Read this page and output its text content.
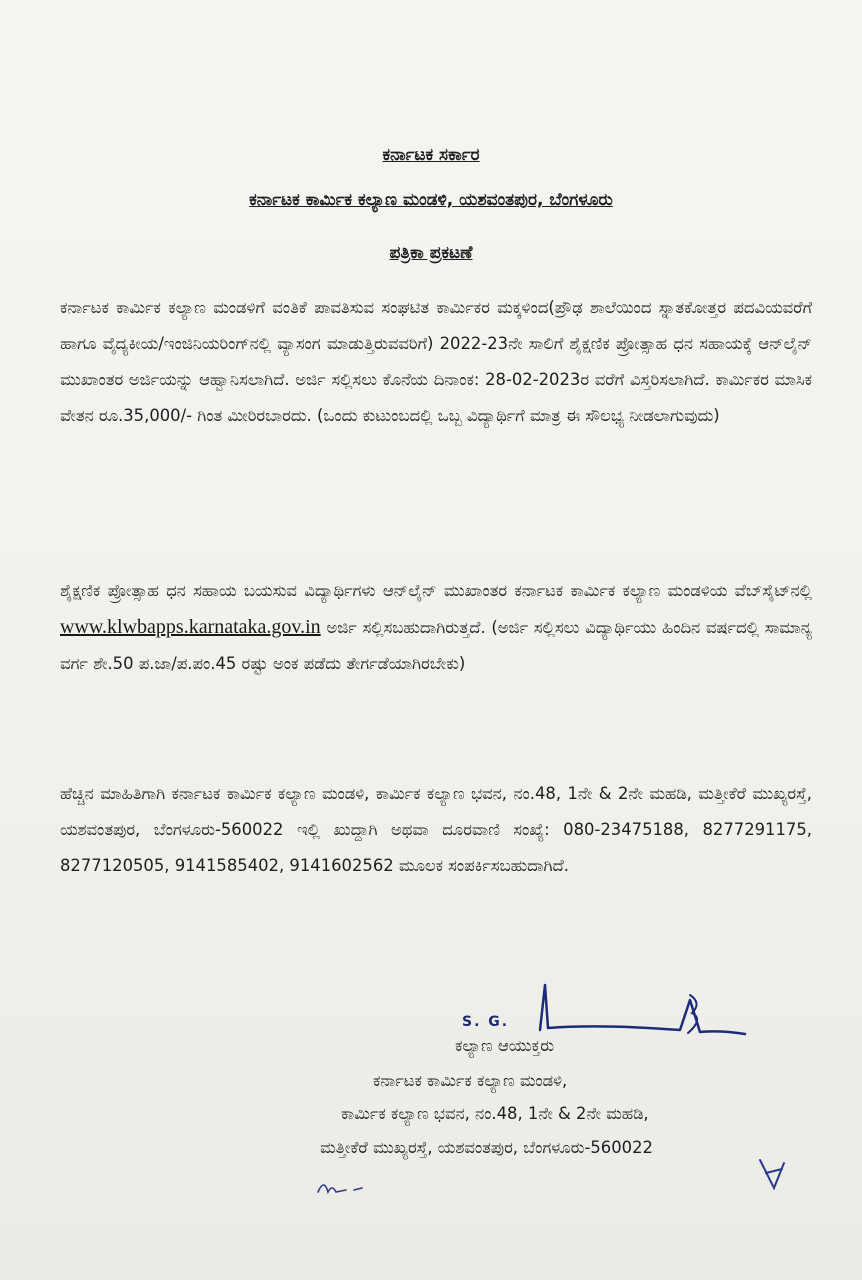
ಕರ್ನಾಟಕ ಸರ್ಕಾರ
ಕರ್ನಾಟಕ ಕಾರ್ಮಿಕ ಕಲ್ಯಾಣ ಮಂಡಳಿ, ಯಶವಂತಪುರ, ಬೆಂಗಳೂರು
ಪತ್ರಿಕಾ ಪ್ರಕಟಣೆ
ಕರ್ನಾಟಕ ಕಾರ್ಮಿಕ ಕಲ್ಯಾಣ ಮಂಡಳಿಗೆ ವಂತಿಕೆ ಪಾವತಿಸುವ ಸಂಘಟಿತ ಕಾರ್ಮಿಕರ ಮಕ್ಕಳಿಂದ(ಪ್ರೌಢ ಶಾಲೆಯಿಂದ ಸ್ನಾತಕೋತ್ತರ ಪದವಿಯವರೆಗೆ ಹಾಗೂ ವೈದ್ಯಕೀಯ/ಇಂಜಿನಿಯರಿಂಗ್‌ನಲ್ಲಿ ವ್ಯಾಸಂಗ ಮಾಡುತ್ತಿರುವವರಿಗೆ) 2022-23ನೇ ಸಾಲಿಗೆ ಶೈಕ್ಷಣಿಕ ಪ್ರೋತ್ಸಾಹ ಧನ ಸಹಾಯಕ್ಕೆ ಆನ್‌ಲೈನ್ ಮುಖಾಂತರ ಅರ್ಜಿಯನ್ನು ಆಹ್ವಾನಿಸಲಾಗಿದೆ. ಅರ್ಜಿ ಸಲ್ಲಿಸಲು ಕೊನೆಯ ದಿನಾಂಕ: 28-02-2023ರ ವರೆಗೆ ವಿಸ್ತರಿಸಲಾಗಿದೆ. ಕಾರ್ಮಿಕರ ಮಾಸಿಕ ವೇತನ ರೂ.35,000/- ಗಿಂತ ಮೀರಿರಬಾರದು. (ಒಂದು ಕುಟುಂಬದಲ್ಲಿ ಒಬ್ಬ ವಿದ್ಯಾರ್ಥಿಗೆ ಮಾತ್ರ ಈ ಸೌಲಭ್ಯ ನೀಡಲಾಗುವುದು)
ಶೈಕ್ಷಣಿಕ ಪ್ರೋತ್ಸಾಹ ಧನ ಸಹಾಯ ಬಯಸುವ ವಿದ್ಯಾರ್ಥಿಗಳು ಆನ್‌ಲೈನ್ ಮುಖಾಂತರ ಕರ್ನಾಟಕ ಕಾರ್ಮಿಕ ಕಲ್ಯಾಣ ಮಂಡಳಿಯ ವೆಬ್‌ಸೈಟ್‌ನಲ್ಲಿ www.klwbapps.karnataka.gov.in ಅರ್ಜಿ ಸಲ್ಲಿಸಬಹುದಾಗಿರುತ್ತದೆ. (ಅರ್ಜಿ ಸಲ್ಲಿಸಲು ವಿದ್ಯಾರ್ಥಿಯು ಹಿಂದಿನ ವರ್ಷದಲ್ಲಿ ಸಾಮಾನ್ಯ ವರ್ಗ ಶೇ.50 ಪ.ಜಾ/ಪ.ಪಂ.45 ರಷ್ಟು ಅಂಕ ಪಡೆದು ತೇರ್ಗಡೆಯಾಗಿರಬೇಕು)
ಹೆಚ್ಚಿನ ಮಾಹಿತಿಗಾಗಿ ಕರ್ನಾಟಕ ಕಾರ್ಮಿಕ ಕಲ್ಯಾಣ ಮಂಡಳಿ, ಕಾರ್ಮಿಕ ಕಲ್ಯಾಣ ಭವನ, ನಂ.48, 1ನೇ & 2ನೇ ಮಹಡಿ, ಮತ್ತೀಕೆರೆ ಮುಖ್ಯರಸ್ತೆ, ಯಶವಂತಪುರ, ಬೆಂಗಳೂರು-560022 ಇಲ್ಲಿ ಖುದ್ದಾಗಿ ಅಥವಾ ದೂರವಾಣಿ ಸಂಖ್ಯೆ: 080-23475188, 8277291175, 8277120505, 9141585402, 9141602562 ಮೂಲಕ ಸಂಪರ್ಕಿಸಬಹುದಾಗಿದೆ.
S. G.
ಕಲ್ಯಾಣ ಆಯುಕ್ತರು
ಕರ್ನಾಟಕ ಕಾರ್ಮಿಕ ಕಲ್ಯಾಣ ಮಂಡಳಿ,
ಕಾರ್ಮಿಕ ಕಲ್ಯಾಣ ಭವನ, ನಂ.48, 1ನೇ & 2ನೇ ಮಹಡಿ,
ಮತ್ತೀಕೆರೆ ಮುಖ್ಯರಸ್ತೆ, ಯಶವಂತಪುರ, ಬೆಂಗಳೂರು-560022
